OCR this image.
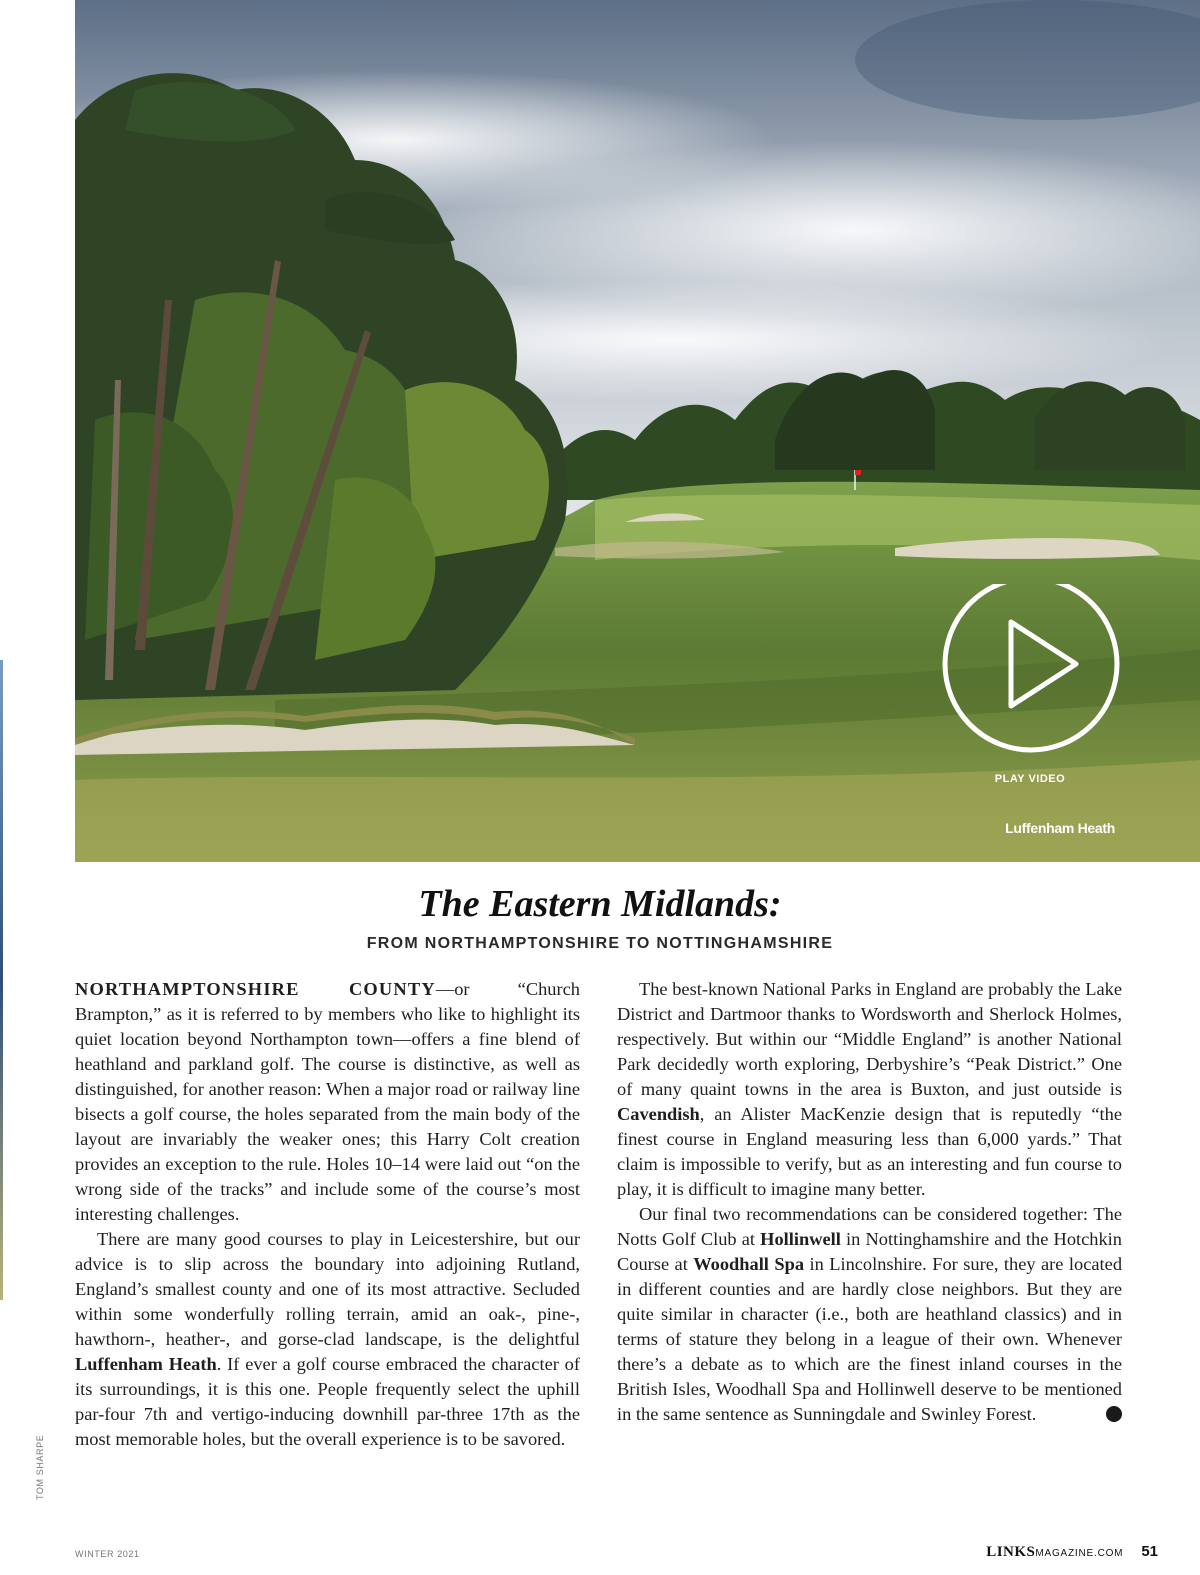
PLAY VIDEO
Luffenham Heath
The Eastern Midlands:
FROM NORTHAMPTONSHIRE TO NOTTINGHAMSHIRE

NORTHAMPTONSHIRE COUNTY—or “Church Brampton,” as it is referred to by members who like to highlight its quiet location beyond Northampton town—offers a fine blend of heathland and parkland golf. The course is distinctive, as well as distinguished, for another reason: When a major road or railway line bisects a golf course, the holes separated from the main body of the layout are invariably the weaker ones; this Harry Colt creation provides an exception to the rule. Holes 10–14 were laid out “on the wrong side of the tracks” and include some of the course’s most interesting challenges.

There are many good courses to play in Leicestershire, but our advice is to slip across the boundary into adjoining Rutland, England’s smallest county and one of its most attractive. Secluded within some wonderfully rolling terrain, amid an oak-, pine-, hawthorn-, heather-, and gorse-clad landscape, is the delightful Luffenham Heath. If ever a golf course embraced the character of its surroundings, it is this one. People frequently select the uphill par-four 7th and vertigo-inducing downhill par-three 17th as the most memorable holes, but the overall experience is to be savored.

The best-known National Parks in England are probably the Lake District and Dartmoor thanks to Wordsworth and Sherlock Holmes, respectively. But within our “Middle England” is another National Park decidedly worth exploring, Derbyshire’s “Peak District.” One of many quaint towns in the area is Buxton, and just outside is Cavendish, an Alister MacKenzie design that is reputedly “the finest course in England measuring less than 6,000 yards.” That claim is impossible to verify, but as an interesting and fun course to play, it is difficult to imagine many better.

Our final two recommendations can be considered together: The Notts Golf Club at Hollinwell in Nottinghamshire and the Hotchkin Course at Woodhall Spa in Lincolnshire. For sure, they are located in different counties and are hardly close neighbors. But they are quite similar in character (i.e., both are heathland classics) and in terms of stature they belong in a league of their own. Whenever there’s a debate as to which are the finest inland courses in the British Isles, Woodhall Spa and Hollinwell deserve to be mentioned in the same sentence as Sunningdale and Swinley Forest.	L

TOM SHARPE
WINTER 2021	LINKSMAGAZINE.COM 51
